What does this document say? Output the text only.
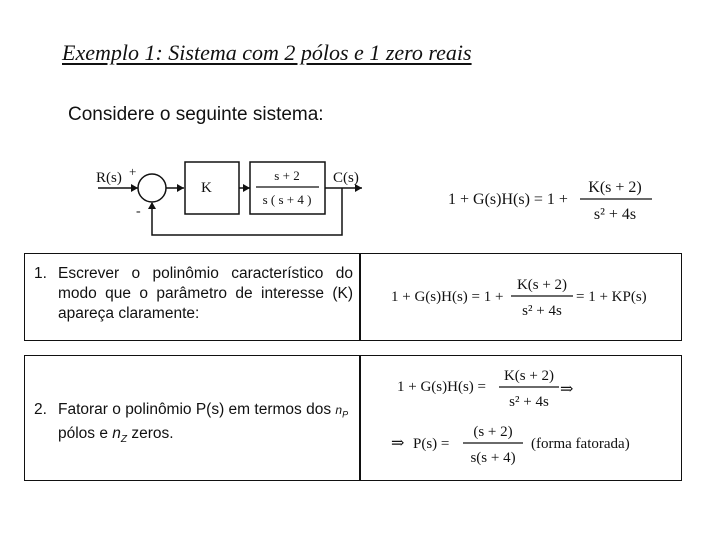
Exemplo 1: Sistema com 2 pólos e 1 zero reais
Considere o seguinte sistema:
R(s) +
-
K
s + 2
s ( s + 4 )
C(s)
1 + G(s)H(s) = 1 +
K(s + 2)
s² + 4s
1. Escrever o polinômio característico do
modo que o parâmetro de interesse (K)
apareça claramente:
1 + G(s)H(s) = 1 +
K(s + 2)
s² + 4s
= 1 + KP(s)
2. Fatorar o polinômio P(s) em termos dos $n_P$
pólos e $n_Z$ zeros.
1 + G(s)H(s) =
K(s + 2)
s² + 4s
⇒
⇒ P(s) =
(s + 2)
s(s + 4)
(forma fatorada)
